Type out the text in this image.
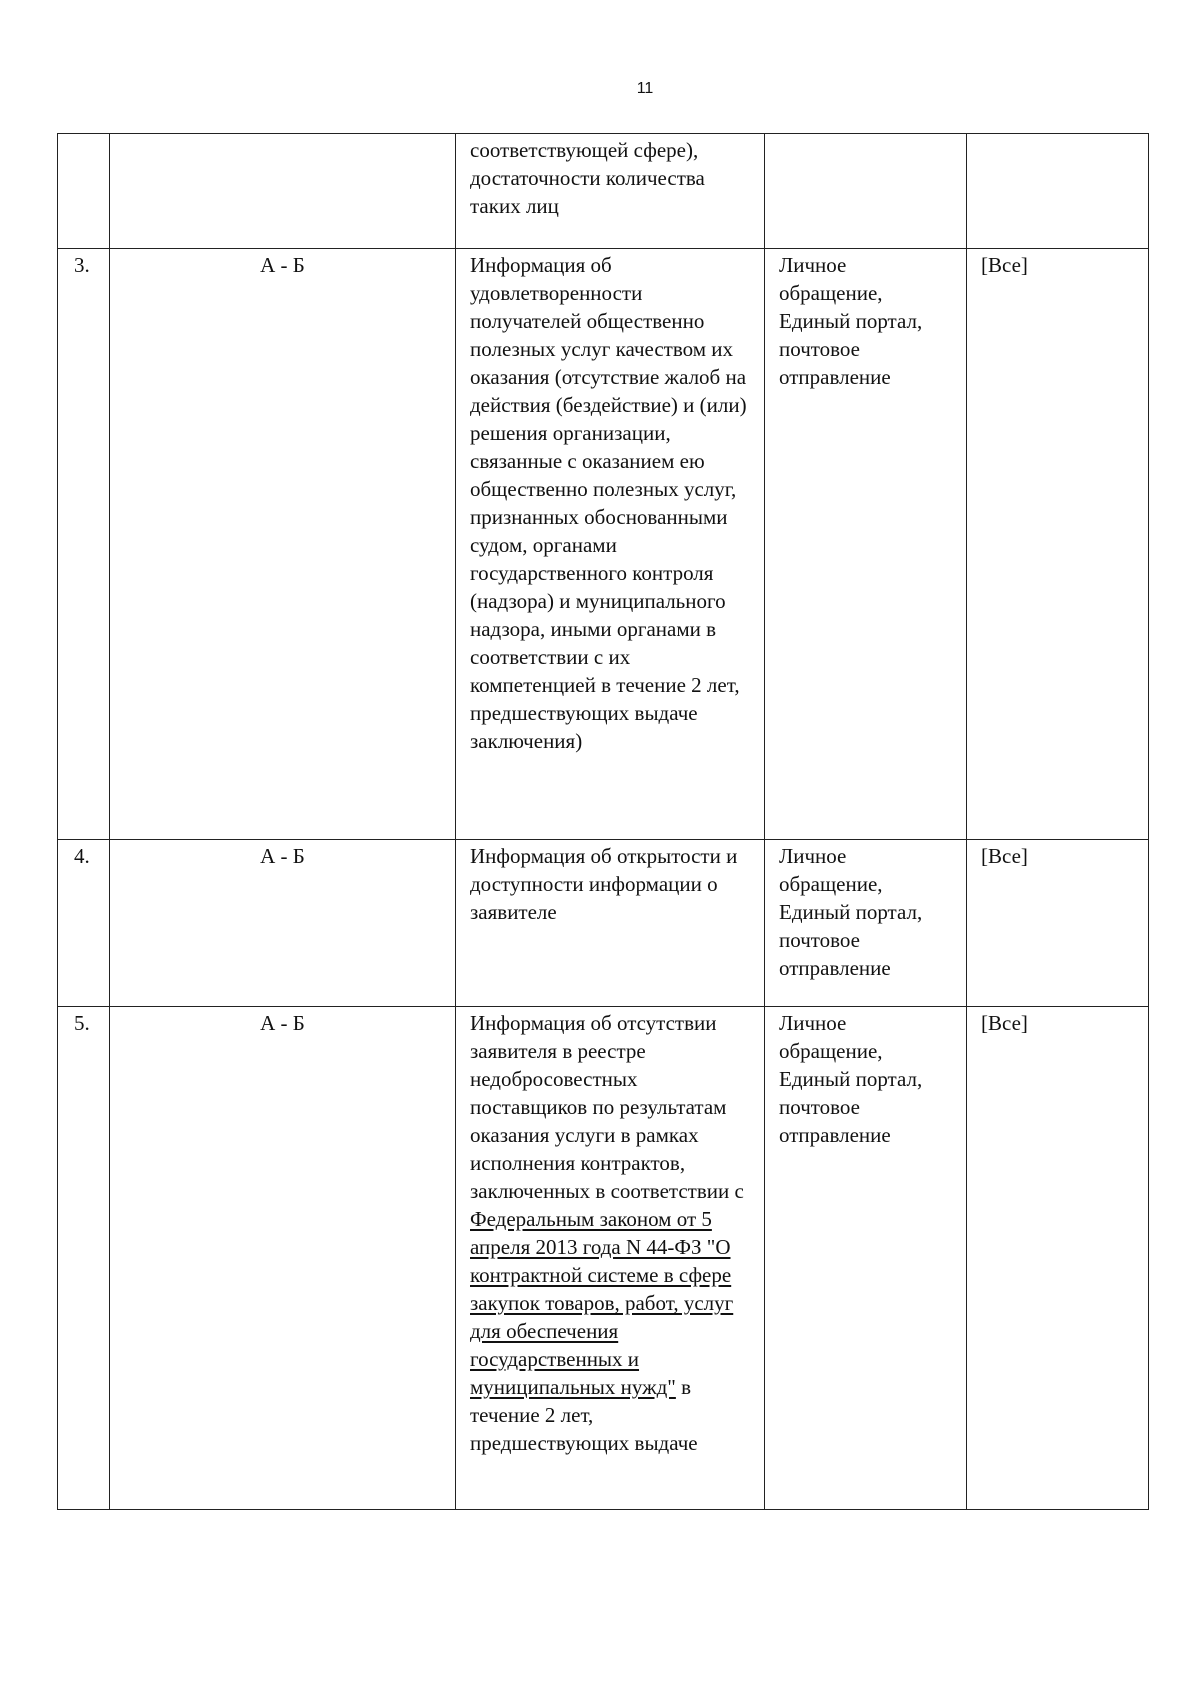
11
		соответствующей сфере), достаточности количества таких лиц		
3.	А - Б	Информация об удовлетворенности получателей общественно полезных услуг качеством их оказания (отсутствие жалоб на действия (бездействие) и (или) решения организации, связанные с оказанием ею общественно полезных услуг, признанных обоснованными судом, органами государственного контроля (надзора) и муниципального надзора, иными органами в соответствии с их компетенцией в течение 2 лет, предшествующих выдаче заключения)	Личное обращение, Единый портал, почтовое отправление	[Все]
4.	А - Б	Информация об открытости и доступности информации о заявителе	Личное обращение, Единый портал, почтовое отправление	[Все]
5.	А - Б	Информация об отсутствии заявителя в реестре недобросовестных поставщиков по результатам оказания услуги в рамках исполнения контрактов, заключенных в соответствии с Федеральным законом от 5 апреля 2013 года N 44-ФЗ "О контрактной системе в сфере закупок товаров, работ, услуг для обеспечения государственных и муниципальных нужд" в течение 2 лет, предшествующих выдаче	Личное обращение, Единый портал, почтовое отправление	[Все]
